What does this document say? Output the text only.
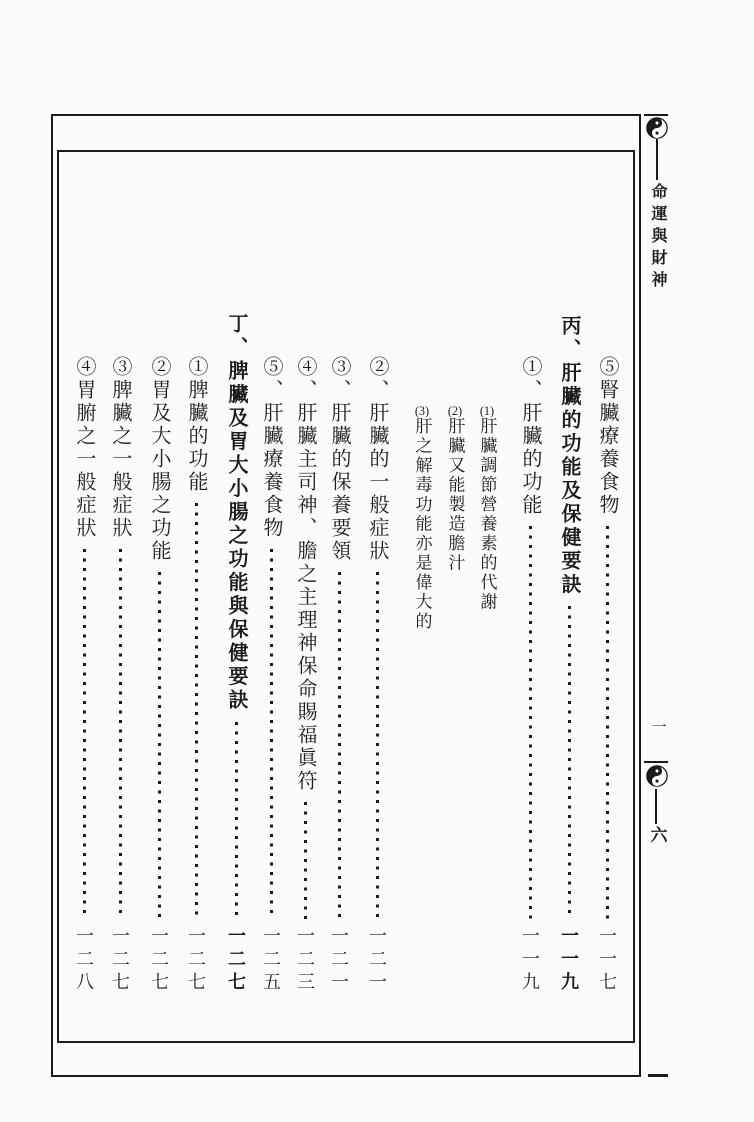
命運與財神
一
六
⑤腎臟療養食物
一一七
丙、肝臟的功能及保健要訣
一一九
①、肝臟的功能
一一九
(1)肝臟調節營養素的代謝
(2)肝臟又能製造膽汁
(3)肝之解毒功能亦是偉大的
②、肝臟的一般症狀
一二一
③、肝臟的保養要領
一二一
④、肝臟主司神、膽之主理神保命賜福眞符
一二三
⑤、肝臟療養食物
一二五
丁、脾臟及胃大小腸之功能與保健要訣
一二七
①脾臟的功能
一二七
②胃及大小腸之功能
一二七
③脾臟之一般症狀
一二七
④胃腑之一般症狀
一二八
